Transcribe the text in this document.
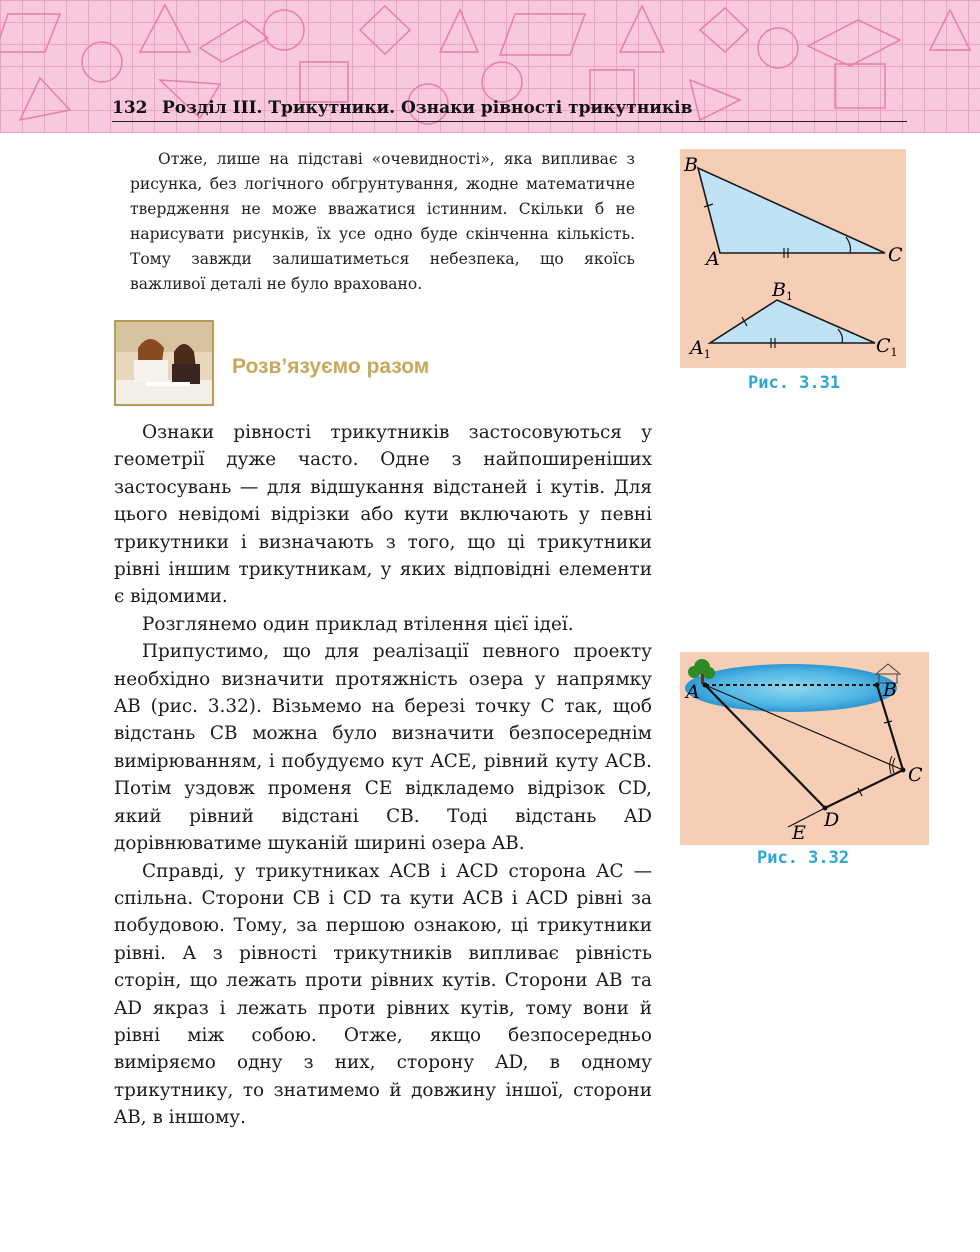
132 Розділ ІІІ. Трикутники. Ознаки рівності трикутників

Отже, лише на підставі «очевидності», яка випливає з рисунка, без логічного обгрунтування, жодне математичне твердження не може вважатися істинним. Скільки б не нарисувати рисунків, їх усе одно буде скінченна кількість. Тому завжди залишатиметься небезпека, що якоїсь важливої деталі не було враховано.

Розв’язуємо разом
B
A	C
$B_1$
$A_1$	$C_1$
Рис. 3.31
A	B
C
D
E
Рис. 3.32

Ознаки рівності трикутників застосовуються у геометрії дуже часто. Одне з найпоширеніших застосувань — для відшукання відстаней і кутів. Для цього невідомі відрізки або кути включають у певні трикутники і визначають з того, що ці трикутники рівні іншим трикутникам, у яких відповідні елементи є відомими.

Розглянемо один приклад втілення цієї ідеї.

Припустимо, що для реалізації певного проекту необхідно визначити протяжність озера у напрямку AB (рис. 3.32). Візьмемо на березі точку C так, щоб відстань CB можна було визначити безпосереднім вимірюванням, і побудуємо кут ACE, рівний куту ACB. Потім уздовж променя CE відкладемо відрізок CD, який рівний відстані CB. Тоді відстань AD дорівнюватиме шуканій ширині озера AB.

Справді, у трикутниках ACB і ACD сторона AC — спільна. Сторони CB і CD та кути ACB і ACD рівні за побудовою. Тому, за першою ознакою, ці трикутники рівні. А з рівності трикутників випливає рівність сторін, що лежать проти рівних кутів. Сторони AB та AD якраз і лежать проти рівних кутів, тому вони й рівні між собою. Отже, якщо безпосередньо виміряємо одну з них, сторону AD, в одному трикутнику, то знатимемо й довжину іншої, сторони AB, в іншому.
